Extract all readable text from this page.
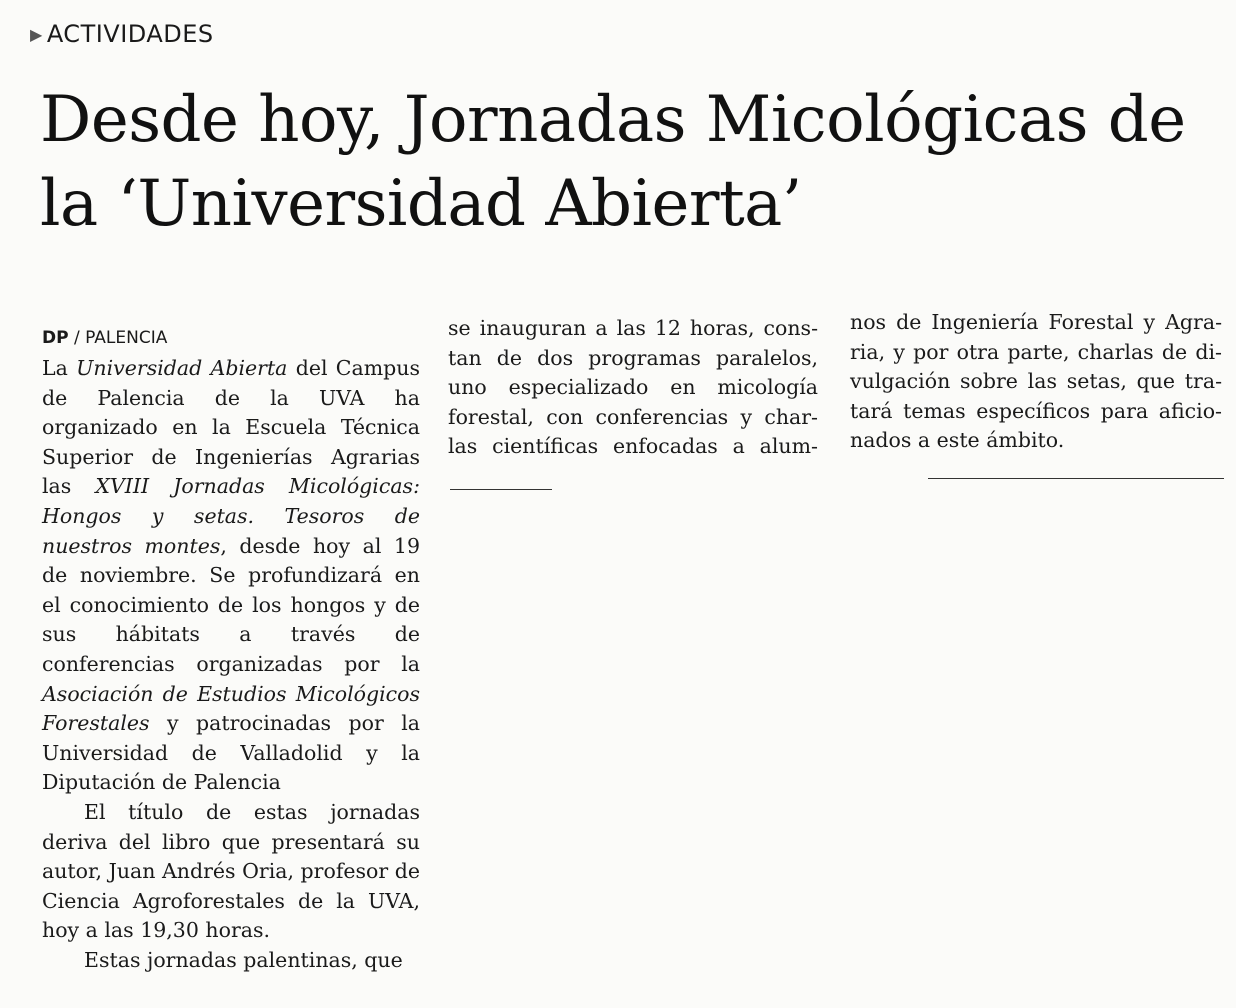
▶ ACTIVIDADES
Desde hoy, Jornadas Micológicas de la ‘Universidad Abierta’
DP / PALENCIA

La Universidad Abierta del Campus de Palencia de la UVA ha organizado en la Escuela Técnica Superior de Ingenierías Agrarias las XVIII Jornadas Micológicas: Hongos y setas. Tesoros de nuestros montes, desde hoy al 19 de noviembre. Se profundizará en el conocimiento de los hongos y de sus hábitats a través de conferencias organizadas por la Asociación de Estudios Micológicos Forestales y patrocinadas por la Universidad de Valladolid y la Diputación de Palencia

El título de estas jornadas deriva del libro que presentará su autor, Juan Andrés Oria, profesor de Ciencia Agroforestales de la UVA, hoy a las 19,30 horas.

Estas jornadas palentinas, que

se inauguran a las 12 horas, cons-
tan de dos programas paralelos,
uno especializado en micología
forestal, con conferencias y char-
las científicas enfocadas a alum-
nos de Ingeniería Forestal y Agra-
ria, y por otra parte, charlas de di-
vulgación sobre las setas, que tra-
tará temas específicos para aficio-
nados a este ámbito.
